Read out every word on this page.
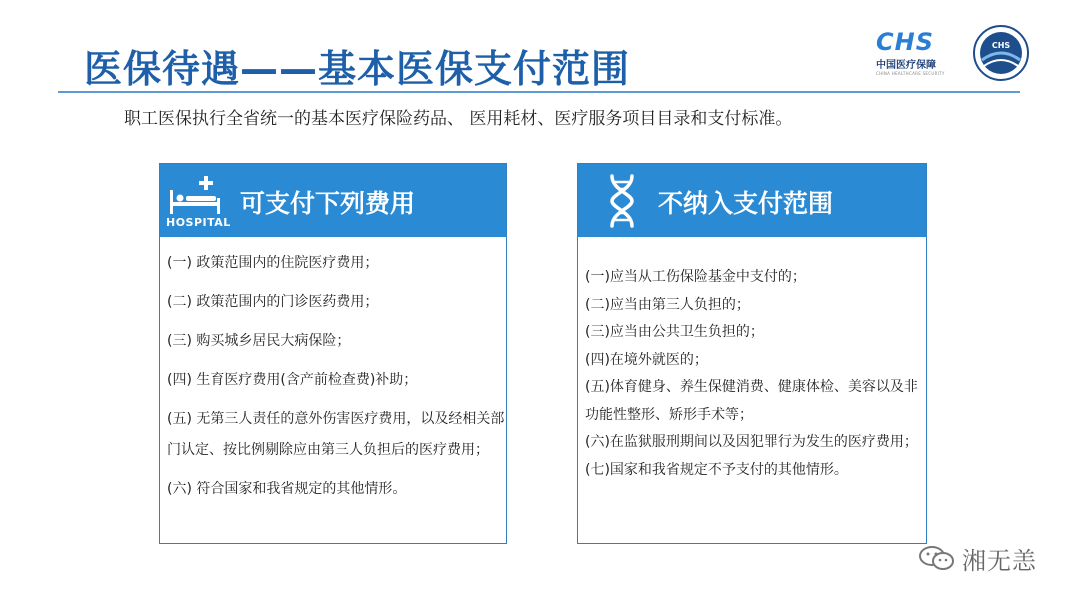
医保待遇——基本医保支付范围
职工医保执行全省统一的基本医疗保险药品、 医用耗材、医疗服务项目目录和支付标准。
CHS
中国医疗保障
CHINA HEALTHCARE SECURITY
CHS
HOSPITAL
可支付下列费用
(一) 政策范围内的住院医疗费用；
(二) 政策范围内的门诊医药费用；
(三) 购买城乡居民大病保险；
(四) 生育医疗费用(含产前检查费)补助；
(五) 无第三人责任的意外伤害医疗费用，以及经相关部门认定、按比例剔除应由第三人负担后的医疗费用；
(六) 符合国家和我省规定的其他情形。
不纳入支付范围
(一)应当从工伤保险基金中支付的；
(二)应当由第三人负担的；
(三)应当由公共卫生负担的；
(四)在境外就医的；
(五)体育健身、养生保健消费、健康体检、美容以及非功能性整形、矫形手术等；
(六)在监狱服刑期间以及因犯罪行为发生的医疗费用；
(七)国家和我省规定不予支付的其他情形。
湘无恙
